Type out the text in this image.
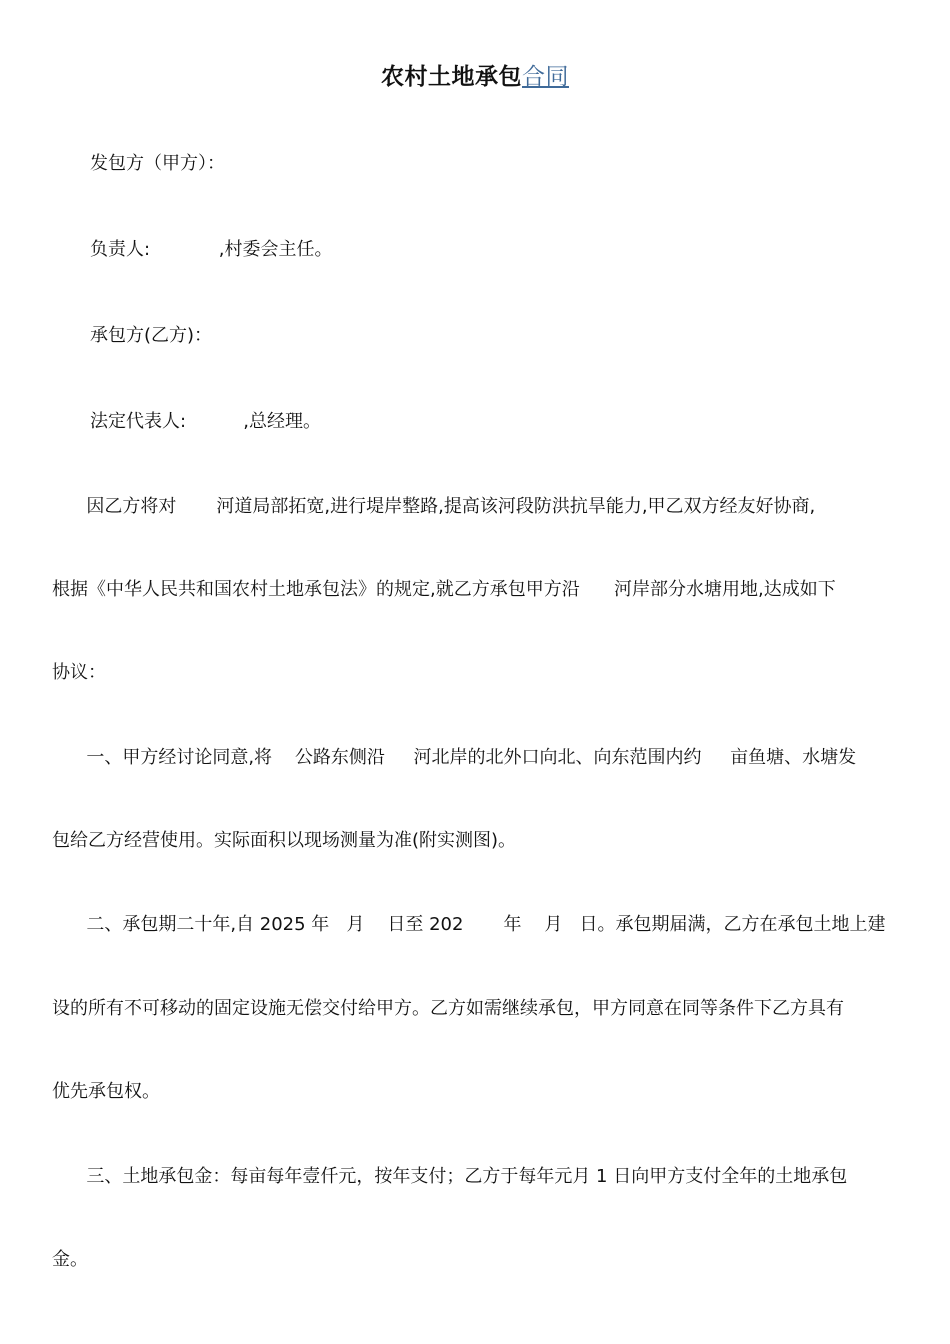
农村土地承包合同
发包方（甲方）：
负责人:            ,村委会主任。
承包方(乙方)：
法定代表人:          ,总经理。
因乙方将对       河道局部拓宽,进行堤岸整路,提高该河段防洪抗旱能力,甲乙双方经友好协商,
根据《中华人民共和国农村土地承包法》的规定,就乙方承包甲方沿      河岸部分水塘用地,达成如下
协议：
一、甲方经讨论同意,将    公路东侧沿     河北岸的北外口向北、向东范围内约     亩鱼塘、水塘发
包给乙方经营使用。实际面积以现场测量为准(附实测图)。
二、承包期二十年,自 2025 年   月    日至 202       年    月   日。承包期届满，乙方在承包土地上建
设的所有不可移动的固定设施无偿交付给甲方。乙方如需继续承包，甲方同意在同等条件下乙方具有
优先承包权。
三、土地承包金：每亩每年壹仟元，按年支付；乙方于每年元月 1 日向甲方支付全年的土地承包
金。
